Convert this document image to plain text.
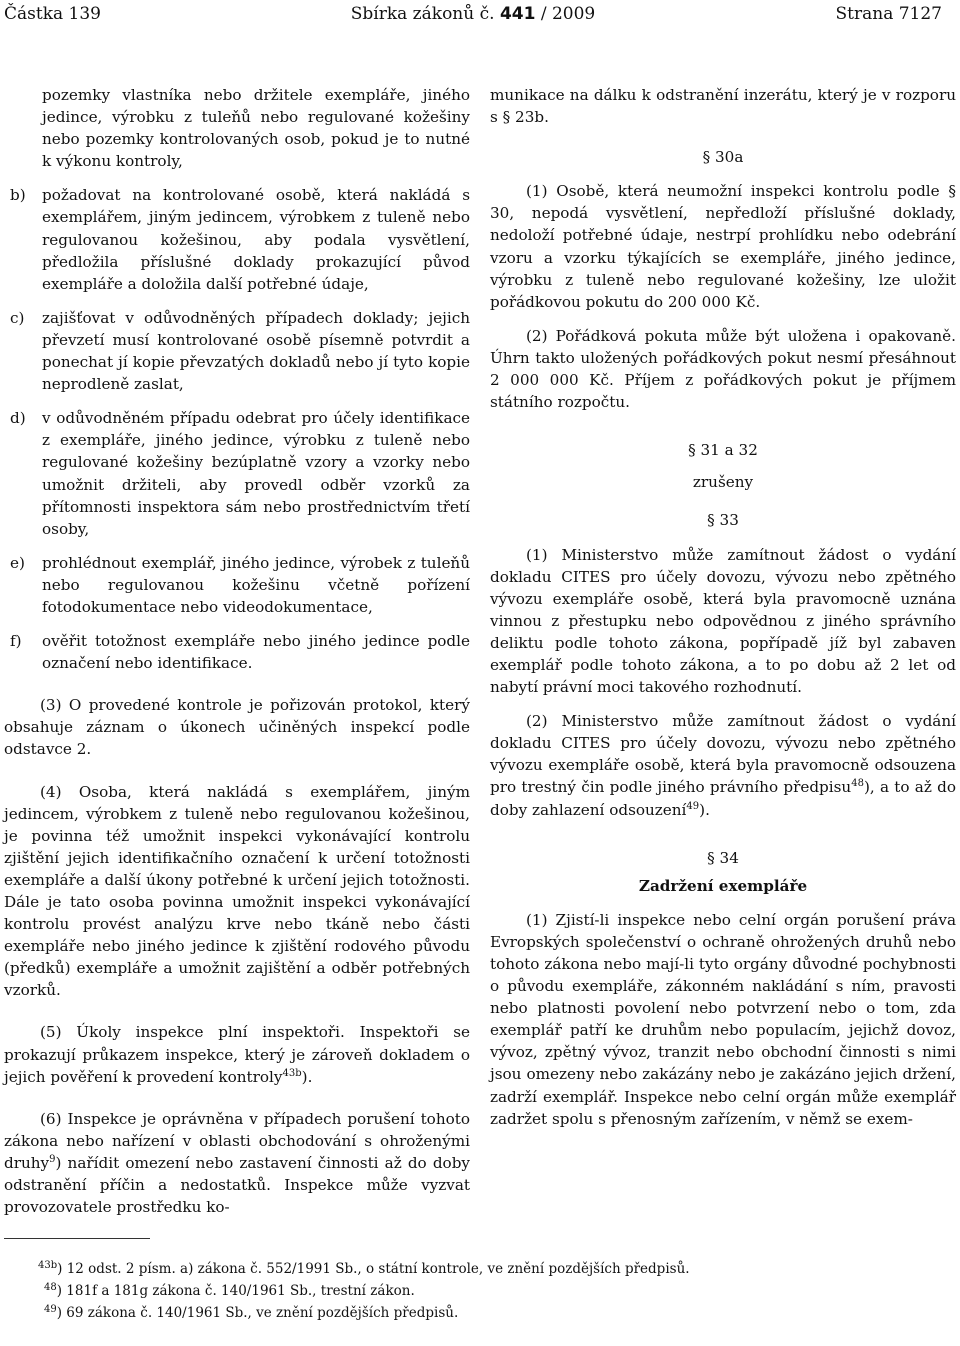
Částka 139	Sbírka zákonů č. 441 / 2009	Strana 7127

pozemky vlastníka nebo držitele exempláře, jiného jedince, výrobku z tuleňů nebo regulované kožešiny nebo pozemky kontrolovaných osob, pokud je to nutné k výkonu kontroly,

b) požadovat na kontrolované osobě, která nakládá s exemplářem, jiným jedincem, výrobkem z tuleně nebo regulovanou kožešinou, aby podala vysvětlení, předložila příslušné doklady prokazující původ exempláře a doložila další potřebné údaje,
c) zajišťovat v odůvodněných případech doklady; jejich převzetí musí kontrolované osobě písemně potvrdit a ponechat jí kopie převzatých dokladů nebo jí tyto kopie neprodleně zaslat,
d) v odůvodněném případu odebrat pro účely identifikace z exempláře, jiného jedince, výrobku z tuleně nebo regulované kožešiny bezúplatně vzory a vzorky nebo umožnit držiteli, aby provedl odběr vzorků za přítomnosti inspektora sám nebo prostřednictvím třetí osoby,
e) prohlédnout exemplář, jiného jedince, výrobek z tuleňů nebo regulovanou kožešinu včetně pořízení fotodokumentace nebo videodokumentace,
f) ověřit totožnost exempláře nebo jiného jedince podle označení nebo identifikace.

(3) O provedené kontrole je pořizován protokol, který obsahuje záznam o úkonech učiněných inspekcí podle odstavce 2.

(4) Osoba, která nakládá s exemplářem, jiným jedincem, výrobkem z tuleně nebo regulovanou kožešinou, je povinna též umožnit inspekci vykonávající kontrolu zjištění jejich identifikačního označení k určení totožnosti exempláře a další úkony potřebné k určení jejich totožnosti. Dále je tato osoba povinna umožnit inspekci vykonávající kontrolu provést analýzu krve nebo tkáně nebo části exempláře nebo jiného jedince k zjištění rodového původu (předků) exempláře a umožnit zajištění a odběr potřebných vzorků.

(5) Úkoly inspekce plní inspektoři. Inspektoři se prokazují průkazem inspekce, který je zároveň dokladem o jejich pověření k provedení kontroly$^{43b}$).

(6) Inspekce je oprávněna v případech porušení tohoto zákona nebo nařízení v oblasti obchodování s ohroženými druhy$^9$) nařídit omezení nebo zastavení činnosti až do doby odstranění příčin a nedostatků. Inspekce může vyzvat provozovatele prostředku ko-

munikace na dálku k odstranění inzerátu, který je v rozporu s § 23b.

§ 30a

(1) Osobě, která neumožní inspekci kontrolu podle § 30, nepodá vysvětlení, nepředloží příslušné doklady, nedoloží potřebné údaje, nestrpí prohlídku nebo odebrání vzoru a vzorku týkajících se exempláře, jiného jedince, výrobku z tuleně nebo regulované kožešiny, lze uložit pořádkovou pokutu do 200 000 Kč.

(2) Pořádková pokuta může být uložena i opakovaně. Úhrn takto uložených pořádkových pokut nesmí přesáhnout 2 000 000 Kč. Příjem z pořádkových pokut je příjmem státního rozpočtu.

§ 31 a 32

zrušeny

§ 33

(1) Ministerstvo může zamítnout žádost o vydání dokladu CITES pro účely dovozu, vývozu nebo zpětného vývozu exempláře osobě, která byla pravomocně uznána vinnou z přestupku nebo odpovědnou z jiného správního deliktu podle tohoto zákona, popřípadě jíž byl zabaven exemplář podle tohoto zákona, a to po dobu až 2 let od nabytí právní moci takového rozhodnutí.

(2) Ministerstvo může zamítnout žádost o vydání dokladu CITES pro účely dovozu, vývozu nebo zpětného vývozu exempláře osobě, která byla pravomocně odsouzena pro trestný čin podle jiného právního předpisu$^{48}$), a to až do doby zahlazení odsouzení$^{49}$).

§ 34

Zadržení exempláře

(1) Zjistí-li inspekce nebo celní orgán porušení práva Evropských společenství o ochraně ohrožených druhů nebo tohoto zákona nebo mají-li tyto orgány důvodné pochybnosti o původu exempláře, zákonném nakládání s ním, pravosti nebo platnosti povolení nebo potvrzení nebo o tom, zda exemplář patří ke druhům nebo populacím, jejichž dovoz, vývoz, zpětný vývoz, tranzit nebo obchodní činnosti s nimi jsou omezeny nebo zakázány nebo je zakázáno jejich držení, zadrží exemplář. Inspekce nebo celní orgán může exemplář zadržet spolu s přenosným zařízením, v němž se exem-

$^{43b}$) 12 odst. 2 písm. a) zákona č. 552/1991 Sb., o státní kontrole, ve znění pozdějších předpisů.
$^{48}$) 181f a 181g zákona č. 140/1961 Sb., trestní zákon.
$^{49}$) 69 zákona č. 140/1961 Sb., ve znění pozdějších předpisů.
